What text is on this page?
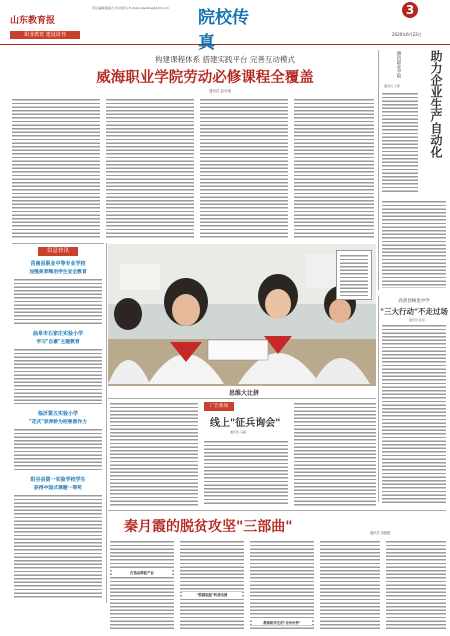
山东教育报
职业教育 建设周刊
责任编辑/康丽云 校对/陈兵 E-mail:sdjyzbzw@163.com	院校传真
3
2020年6月22日
构建课程体系 搭建实践平台 完善互动模式
威海职业学院劳动必修课程全覆盖
通讯员 赵永刚
潍坊职业学院	助力企业生产自动化
通讯员 王婷
信息快讯
莒南县职业中等专业学校
加强美育陶冶学生安全教育
曲阜市石家庄实验小学
学习"自豪"主题教育
临沂第五实验小学
"花式"家养娇为校慈善作力
阳谷县第一实验学校学生
获得中国式课题一等奖
思维大比拼
广告新闻
线上"征兵询会"
通讯员 马超
高唐县畅也中学
"三大行动"不走过场
通讯员 张华
秦月霞的脱贫攻坚"三部曲"	通讯员 刘媛媛
打造品牌抓产业
"熊猫姐姐"转战电商
教师和学生的"合作伙伴"
